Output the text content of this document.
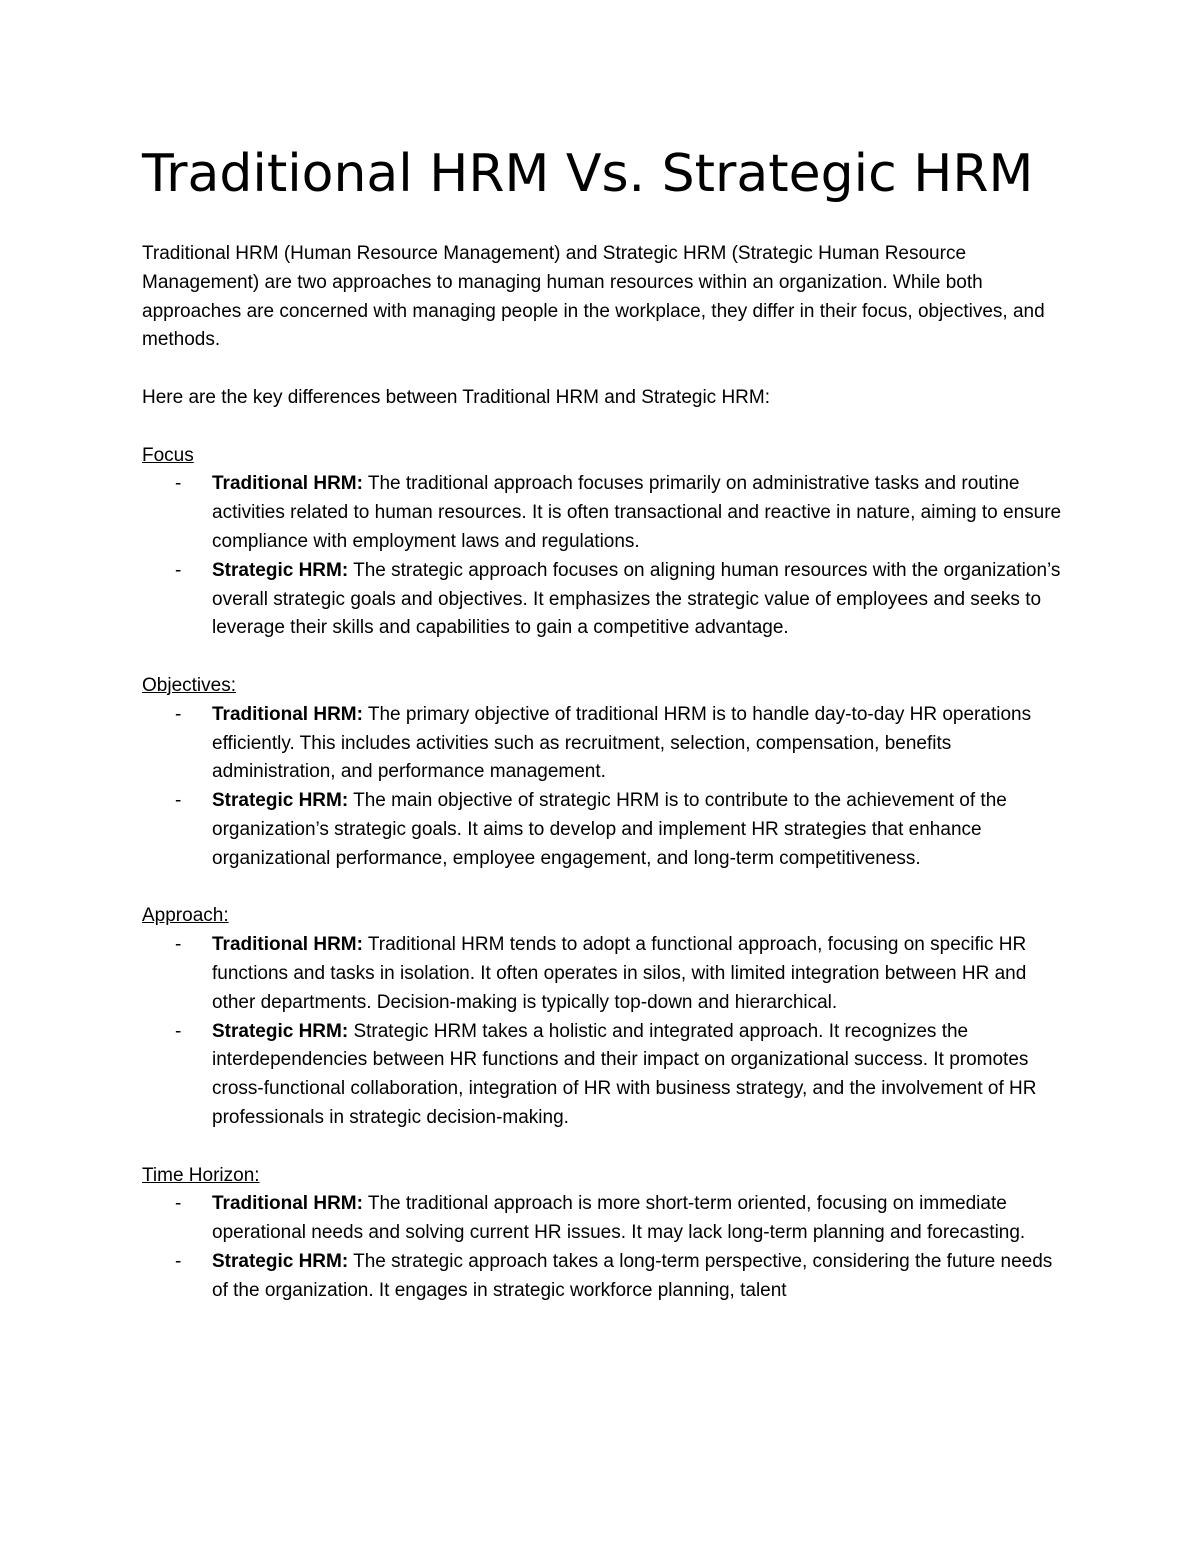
Traditional HRM Vs. Strategic HRM

Traditional HRM (Human Resource Management) and Strategic HRM (Strategic Human Resource Management) are two approaches to managing human resources within an organization. While both approaches are concerned with managing people in the workplace, they differ in their focus, objectives, and methods.

Here are the key differences between Traditional HRM and Strategic HRM:

Focus
- Traditional HRM: The traditional approach focuses primarily on administrative tasks and routine activities related to human resources. It is often transactional and reactive in nature, aiming to ensure compliance with employment laws and regulations.
- Strategic HRM: The strategic approach focuses on aligning human resources with the organization’s overall strategic goals and objectives. It emphasizes the strategic value of employees and seeks to leverage their skills and capabilities to gain a competitive advantage.
Objectives:
- Traditional HRM: The primary objective of traditional HRM is to handle day-to-day HR operations efficiently. This includes activities such as recruitment, selection, compensation, benefits administration, and performance management.
- Strategic HRM: The main objective of strategic HRM is to contribute to the achievement of the organization’s strategic goals. It aims to develop and implement HR strategies that enhance organizational performance, employee engagement, and long-term competitiveness.
Approach:
- Traditional HRM: Traditional HRM tends to adopt a functional approach, focusing on specific HR functions and tasks in isolation. It often operates in silos, with limited integration between HR and other departments. Decision-making is typically top-down and hierarchical.
- Strategic HRM: Strategic HRM takes a holistic and integrated approach. It recognizes the interdependencies between HR functions and their impact on organizational success. It promotes cross-functional collaboration, integration of HR with business strategy, and the involvement of HR professionals in strategic decision-making.
Time Horizon:
- Traditional HRM: The traditional approach is more short-term oriented, focusing on immediate operational needs and solving current HR issues. It may lack long-term planning and forecasting.
- Strategic HRM: The strategic approach takes a long-term perspective, considering the future needs of the organization. It engages in strategic workforce planning, talent
